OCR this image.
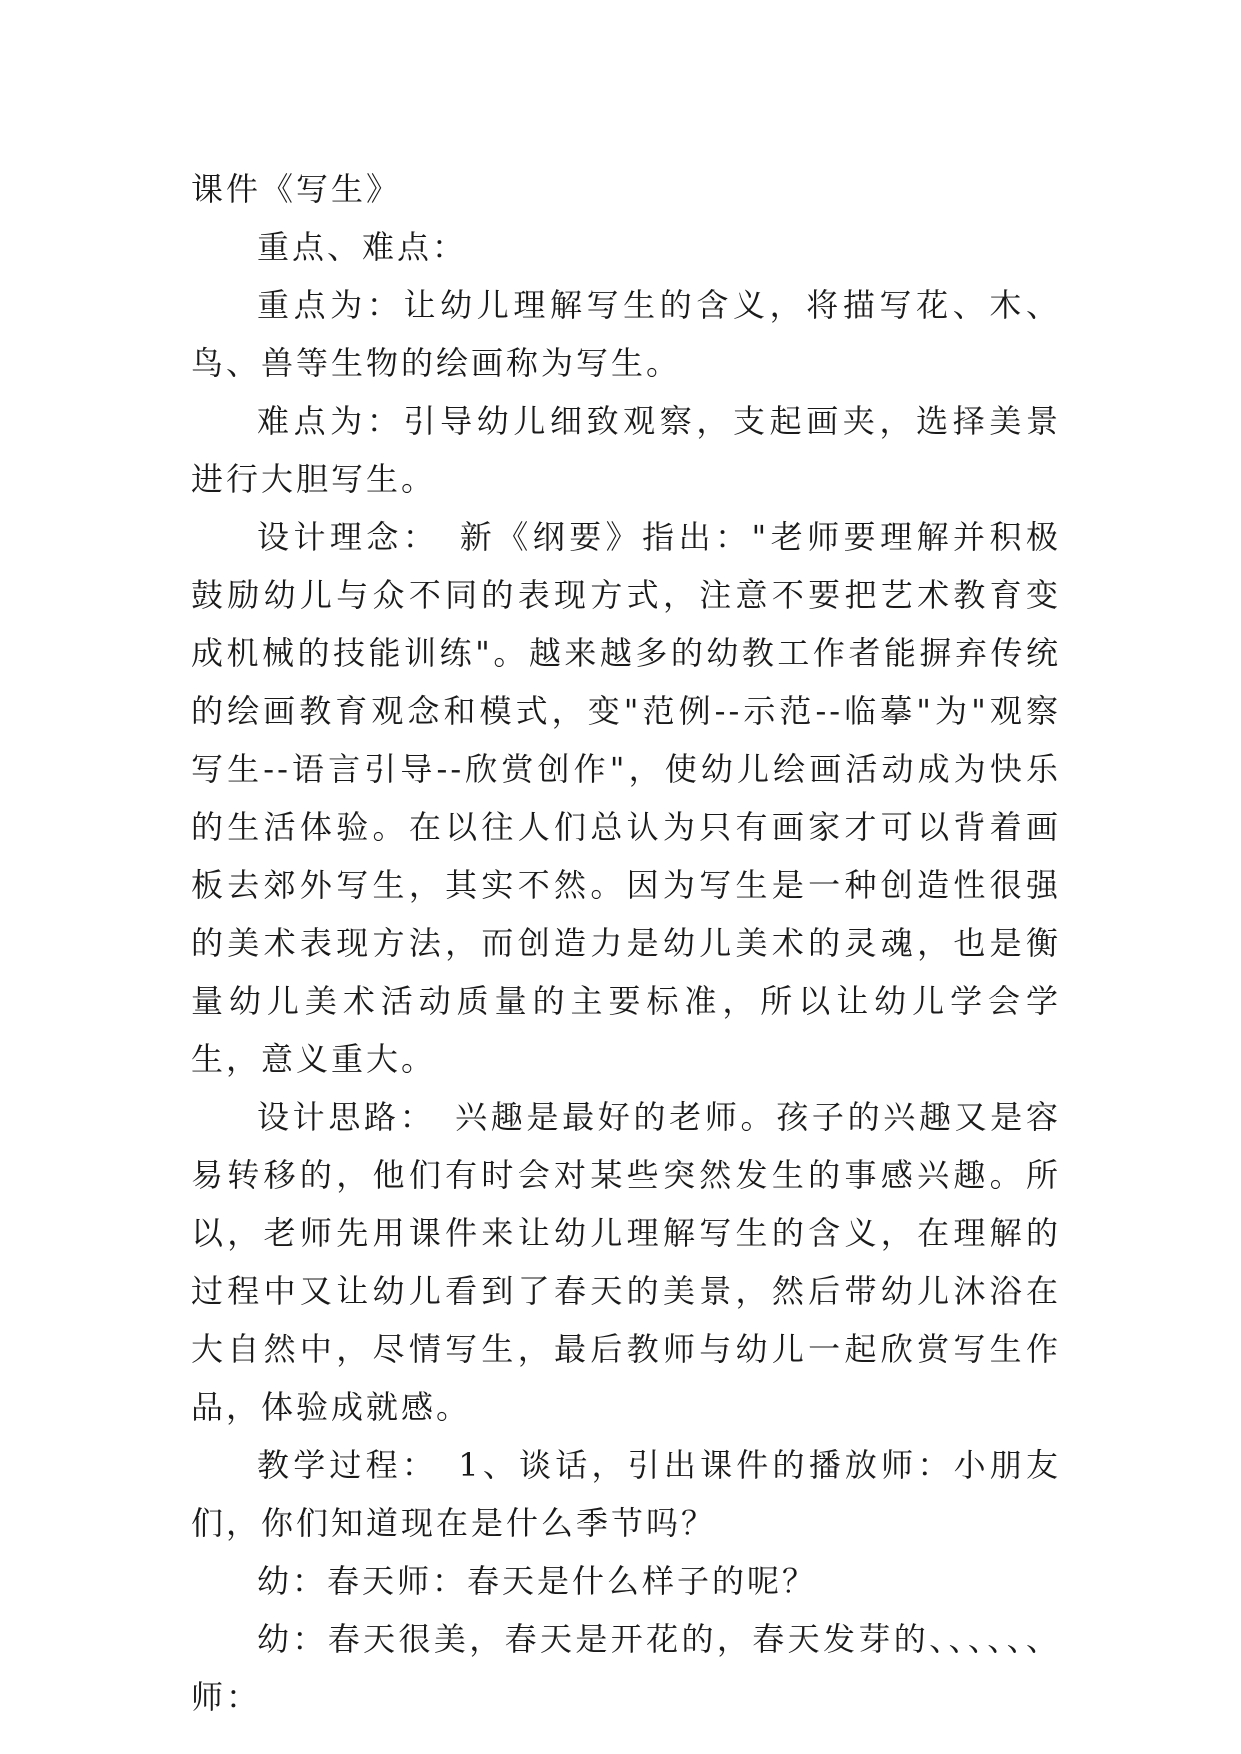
课件《写生》

重点、难点：

重点为：让幼儿理解写生的含义，将描写花、木、鸟、兽等生物的绘画称为写生。

难点为：引导幼儿细致观察，支起画夹，选择美景进行大胆写生。

设计理念：　新《纲要》指出："老师要理解并积极鼓励幼儿与众不同的表现方式，注意不要把艺术教育变成机械的技能训练"。越来越多的幼教工作者能摒弃传统的绘画教育观念和模式，变"范例--示范--临摹"为"观察写生--语言引导--欣赏创作"，使幼儿绘画活动成为快乐的生活体验。在以往人们总认为只有画家才可以背着画板去郊外写生，其实不然。因为写生是一种创造性很强的美术表现方法，而创造力是幼儿美术的灵魂，也是衡量幼儿美术活动质量的主要标准，所以让幼儿学会学生，意义重大。

设计思路：　兴趣是最好的老师。孩子的兴趣又是容易转移的，他们有时会对某些突然发生的事感兴趣。所以，老师先用课件来让幼儿理解写生的含义，在理解的过程中又让幼儿看到了春天的美景，然后带幼儿沐浴在大自然中，尽情写生，最后教师与幼儿一起欣赏写生作品，体验成就感。

教学过程：　1、谈话，引出课件的播放师：小朋友们，你们知道现在是什么季节吗？

幼：春天师：春天是什么样子的呢？

幼：春天很美，春天是开花的，春天发芽的、、、、、、师：
